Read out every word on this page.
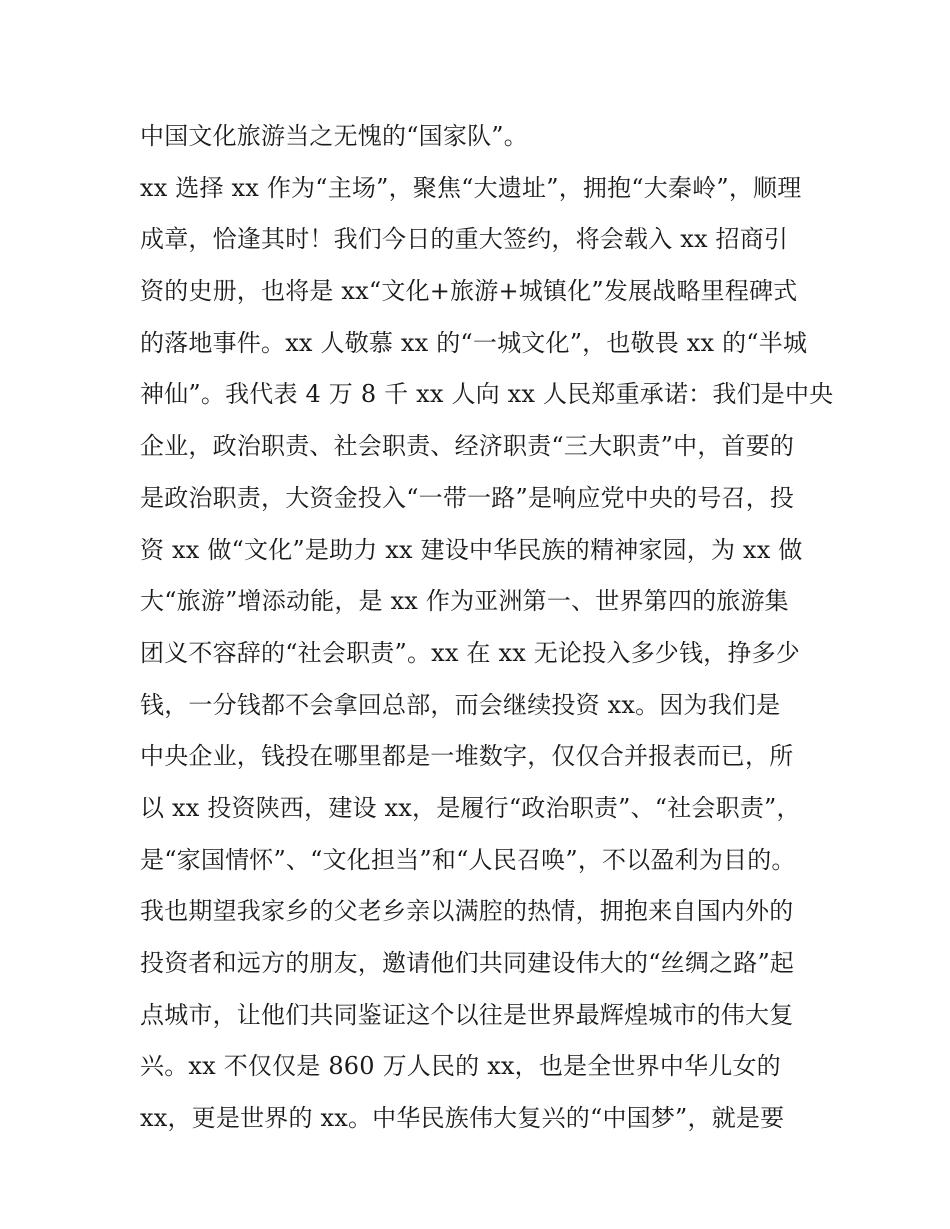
中国文化旅游当之无愧的“国家队”。
xx 选择 xx 作为“主场”，聚焦“大遗址”，拥抱“大秦岭”，顺理
成章，恰逢其时！我们今日的重大签约，将会载入 xx 招商引
资的史册，也将是 xx“文化+旅游+城镇化”发展战略里程碑式
的落地事件。xx 人敬慕 xx 的“一城文化”，也敬畏 xx 的“半城
神仙”。我代表 4 万 8 千 xx 人向 xx 人民郑重承诺：我们是中央
企业，政治职责、社会职责、经济职责“三大职责”中，首要的
是政治职责，大资金投入“一带一路”是响应党中央的号召，投
资 xx 做“文化”是助力 xx 建设中华民族的精神家园，为 xx 做
大“旅游”增添动能，是 xx 作为亚洲第一、世界第四的旅游集
团义不容辞的“社会职责”。xx 在 xx 无论投入多少钱，挣多少
钱，一分钱都不会拿回总部，而会继续投资 xx。因为我们是
中央企业，钱投在哪里都是一堆数字，仅仅合并报表而已，所
以 xx 投资陕西，建设 xx，是履行“政治职责”、“社会职责”，
是“家国情怀”、“文化担当”和“人民召唤”，不以盈利为目的。
我也期望我家乡的父老乡亲以满腔的热情，拥抱来自国内外的
投资者和远方的朋友，邀请他们共同建设伟大的“丝绸之路”起
点城市，让他们共同鉴证这个以往是世界最辉煌城市的伟大复
兴。xx 不仅仅是 860 万人民的 xx，也是全世界中华儿女的
xx，更是世界的 xx。中华民族伟大复兴的“中国梦”，就是要
